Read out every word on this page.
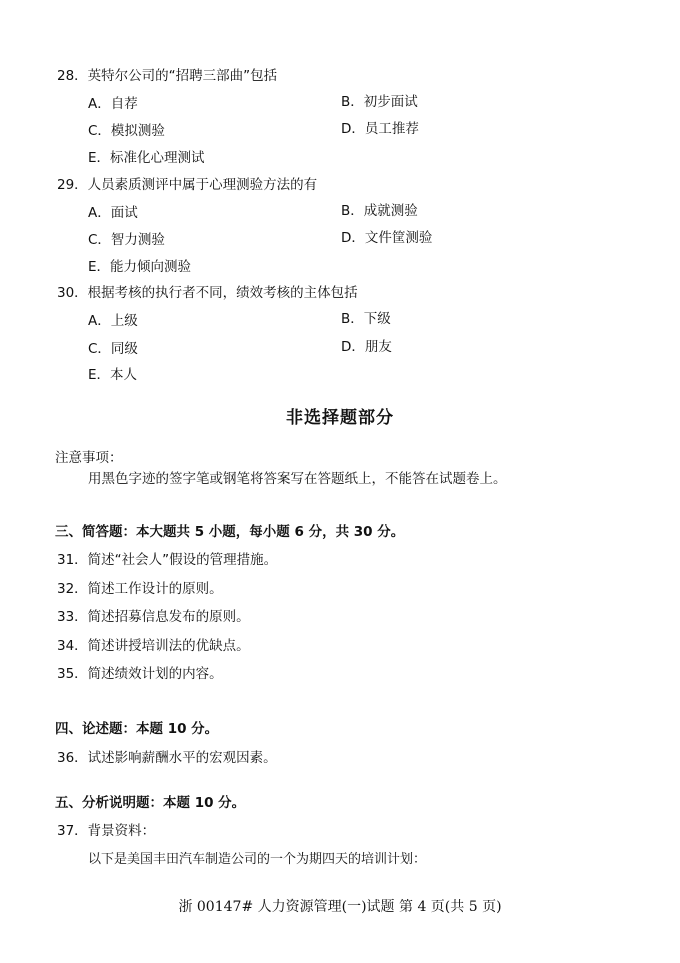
28．英特尔公司的“招聘三部曲”包括
A．自荐	B．初步面试
C．模拟测验	D．员工推荐
E．标准化心理测试
29．人员素质测评中属于心理测验方法的有
A．面试	B．成就测验
C．智力测验	D．文件筐测验
E．能力倾向测验
30．根据考核的执行者不同，绩效考核的主体包括
A．上级	B．下级
C．同级	D．朋友
E．本人
非选择题部分
注意事项：
用黑色字迹的签字笔或钢笔将答案写在答题纸上，不能答在试题卷上。
三、简答题：本大题共 5 小题，每小题 6 分，共 30 分。
31．简述“社会人”假设的管理措施。
32．简述工作设计的原则。
33．简述招募信息发布的原则。
34．简述讲授培训法的优缺点。
35．简述绩效计划的内容。
四、论述题：本题 10 分。
36．试述影响薪酬水平的宏观因素。
五、分析说明题：本题 10 分。
37．背景资料：
以下是美国丰田汽车制造公司的一个为期四天的培训计划：
浙 00147# 人力资源管理(一)试题 第 4 页(共 5 页)
